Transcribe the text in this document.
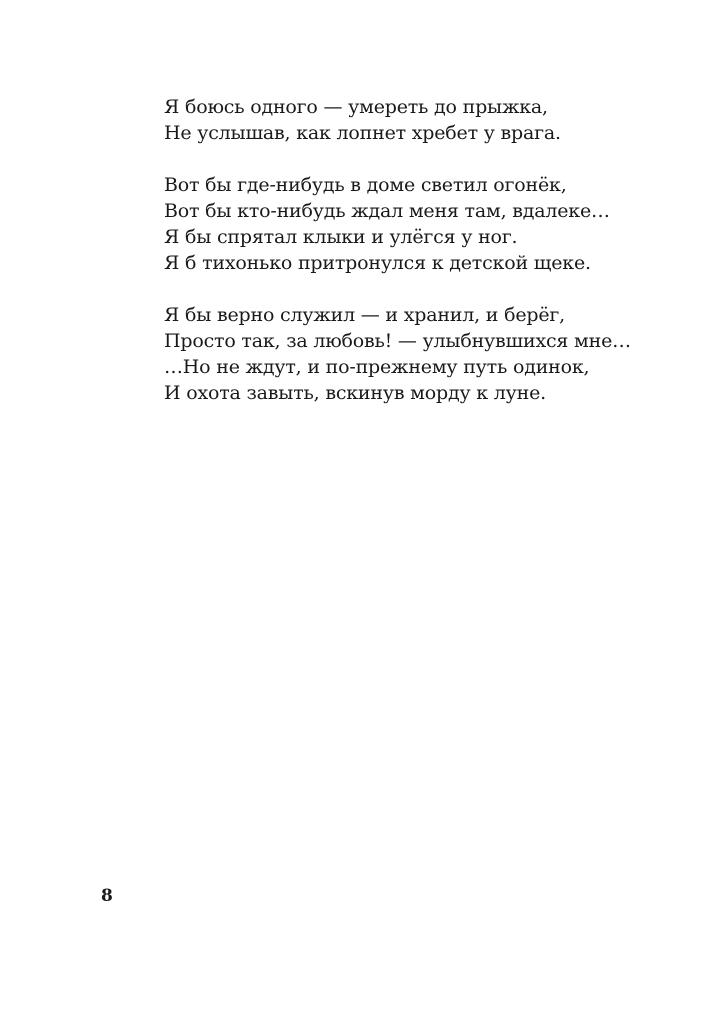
Я боюсь одного — умереть до прыжка,
Не услышав, как лопнет хребет у врага.
Вот бы где-нибудь в доме светил огонёк,
Вот бы кто-нибудь ждал меня там, вдалеке…
Я бы спрятал клыки и улёгся у ног.
Я б тихонько притронулся к детской щеке.
Я бы верно служил — и хранил, и берёг,
Просто так, за любовь! — улыбнувшихся мне…
…Но не ждут, и по-прежнему путь одинок,
И охота завыть, вскинув морду к луне.
8
